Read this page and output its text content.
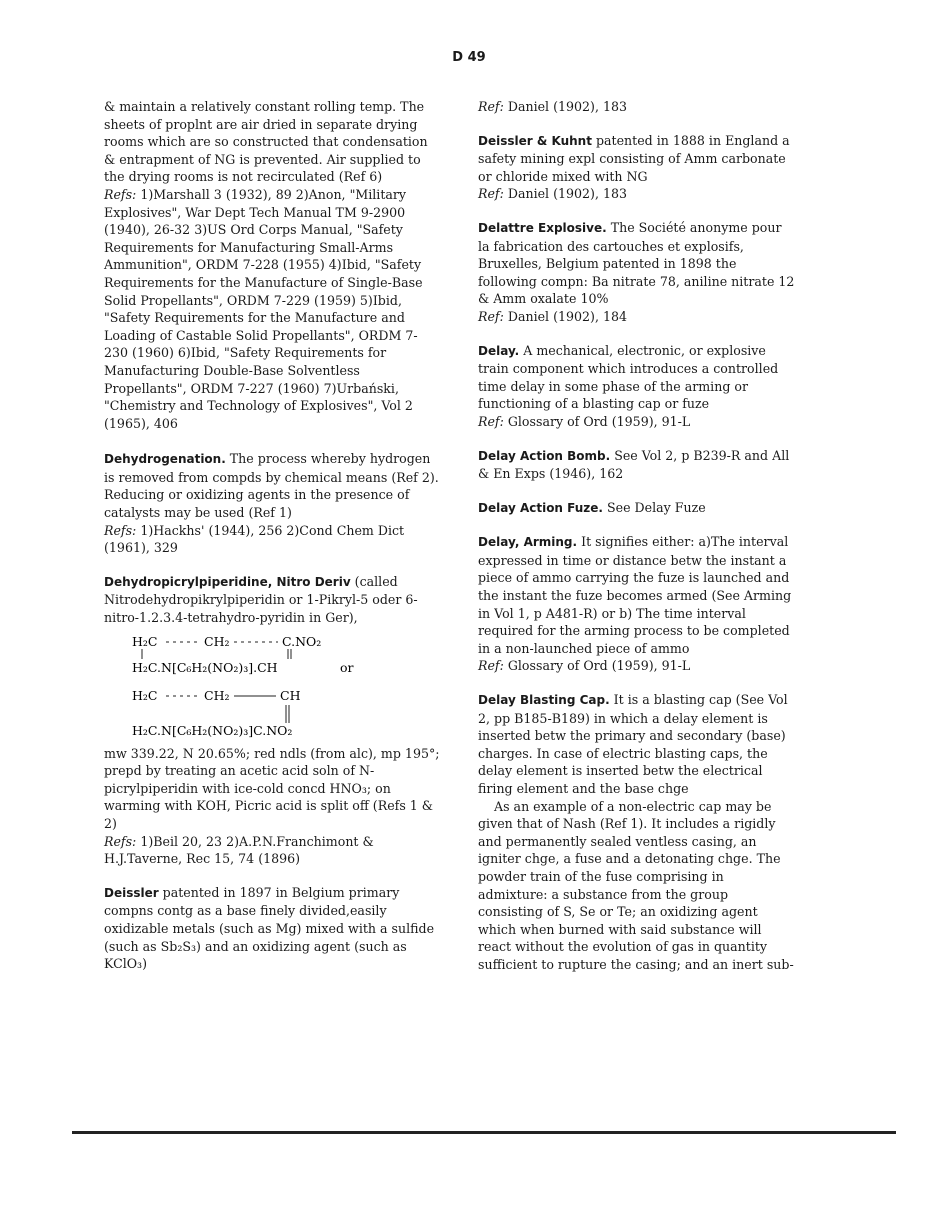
D 49

& maintain a relatively constant rolling temp. The sheets of proplnt are air dried in separate drying rooms which are so constructed that condensation & entrapment of NG is prevented. Air supplied to the drying rooms is not recirculated (Ref 6)

Refs: 1)Marshall 3 (1932), 89 2)Anon, "Military Explosives", War Dept Tech Manual TM 9-2900 (1940), 26-32 3)US Ord Corps Manual, "Safety Requirements for Manufacturing Small-Arms Ammunition", ORDM 7-228 (1955) 4)Ibid, "Safety Requirements for the Manufacture of Single-Base Solid Propellants", ORDM 7-229 (1959) 5)Ibid, "Safety Requirements for the Manufacture and Loading of Castable Solid Propellants", ORDM 7-230 (1960) 6)Ibid, "Safety Requirements for Manufacturing Double-Base Solventless Propellants", ORDM 7-227 (1960) 7)Urbański, "Chemistry and Technology of Explosives", Vol 2 (1965), 406

Dehydrogenation. The process whereby hydrogen is removed from compds by chemical means (Ref 2). Reducing or oxidizing agents in the presence of catalysts may be used (Ref 1)

Refs: 1)Hackhs' (1944), 256 2)Cond Chem Dict (1961), 329

Dehydropicrylpiperidine, Nitro Deriv (called Nitrodehydropikrylpiperidin or 1-Pikryl-5 oder 6-nitro-1.2.3.4-tetrahydro-pyridin in Ger),

H₂C	CH₂	C.NO₂
H₂C.N[C₆H₂(NO₂)₃].CH	or
H₂C	CH₂	CH
H₂C.N[C₆H₂(NO₂)₃]C.NO₂

mw 339.22, N 20.65%; red ndls (from alc), mp 195°; prepd by treating an acetic acid soln of N-picrylpiperidin with ice-cold concd HNO₃; on warming with KOH, Picric acid is split off (Refs 1 & 2)

Refs: 1)Beil 20, 23 2)A.P.N.Franchimont & H.J.Taverne, Rec 15, 74 (1896)

Deissler patented in 1897 in Belgium primary compns contg as a base finely divided,easily oxidizable metals (such as Mg) mixed with a sulfide (such as Sb₂S₃) and an oxidizing agent (such as KClO₃)

Ref: Daniel (1902), 183

Deissler & Kuhnt patented in 1888 in England a safety mining expl consisting of Amm carbonate or chloride mixed with NG

Ref: Daniel (1902), 183

Delattre Explosive. The Société anonyme pour la fabrication des cartouches et explosifs, Bruxelles, Belgium patented in 1898 the following compn: Ba nitrate 78, aniline nitrate 12 & Amm oxalate 10%

Ref: Daniel (1902), 184

Delay. A mechanical, electronic, or explosive train component which introduces a controlled time delay in some phase of the arming or functioning of a blasting cap or fuze

Ref: Glossary of Ord (1959), 91-L

Delay Action Bomb. See Vol 2, p B239-R and All & En Exps (1946), 162

Delay Action Fuze. See Delay Fuze

Delay, Arming. It signifies either: a)The interval expressed in time or distance betw the instant a piece of ammo carrying the fuze is launched and the instant the fuze becomes armed (See Arming in Vol 1, p A481-R) or b) The time interval required for the arming process to be completed in a non-launched piece of ammo

Ref: Glossary of Ord (1959), 91-L

Delay Blasting Cap. It is a blasting cap (See Vol 2, pp B185-B189) in which a delay element is inserted betw the primary and secondary (base) charges. In case of electric blasting caps, the delay element is inserted betw the electrical firing element and the base chge

As an example of a non-electric cap may be given that of Nash (Ref 1). It includes a rigidly and permanently sealed ventless casing, an igniter chge, a fuse and a detonating chge. The powder train of the fuse comprising in admixture: a substance from the group consisting of S, Se or Te; an oxidizing agent which when burned with said substance will react without the evolution of gas in quantity sufficient to rupture the casing; and an inert sub-
